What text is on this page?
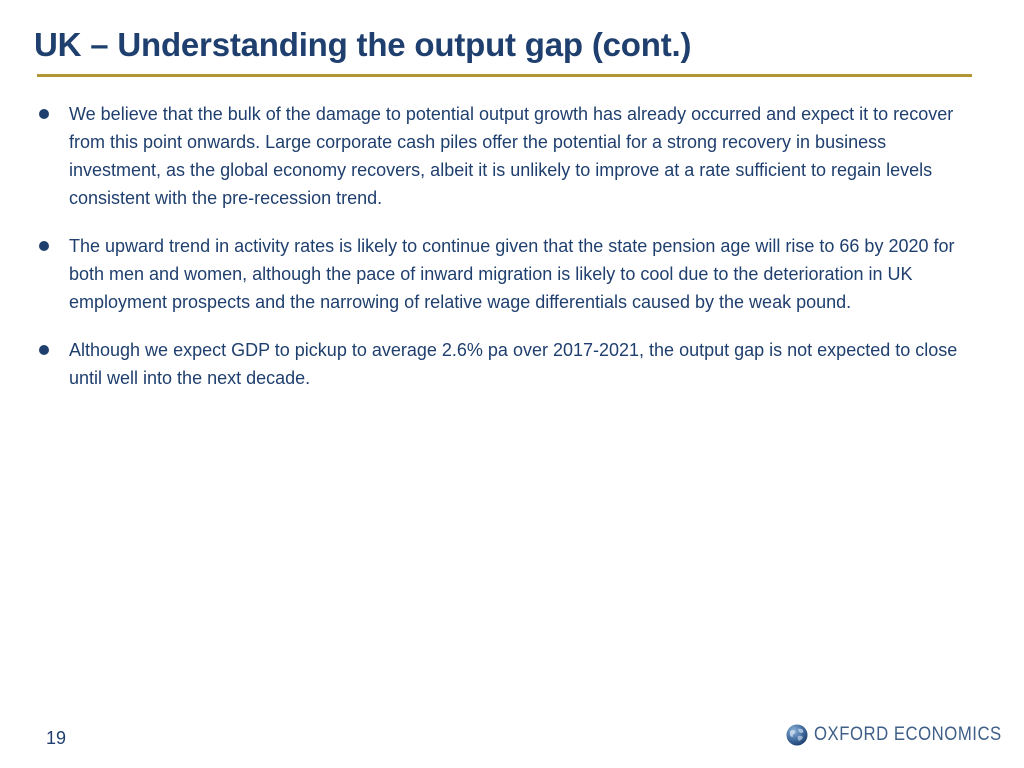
UK – Understanding the output gap (cont.)
We believe that the bulk of the damage to potential output growth has already occurred and expect it to recover from this point onwards. Large corporate cash piles offer the potential for a strong recovery in business investment, as the global economy recovers, albeit it is unlikely to improve at a rate sufficient to regain levels consistent with the pre-recession trend.
The upward trend in activity rates is likely to continue given that the state pension age will rise to 66 by 2020 for both men and women, although the pace of inward migration is likely to cool due to the deterioration in UK employment prospects and the narrowing of relative wage differentials caused by the weak pound.
Although we expect GDP to pickup to average 2.6% pa over 2017-2021, the output gap is not expected to close until well into the next decade.
19	OXFORD ECONOMICS
